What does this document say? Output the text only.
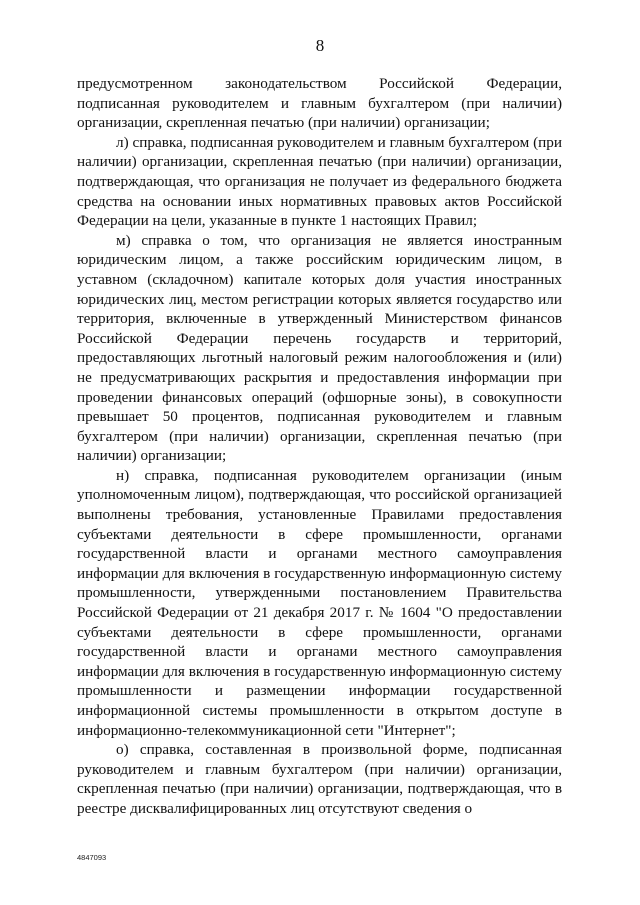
8

предусмотренном законодательством Российской Федерации, подписанная руководителем и главным бухгалтером (при наличии) организации, скрепленная печатью (при наличии) организации;

л) справка, подписанная руководителем и главным бухгалтером (при наличии) организации, скрепленная печатью (при наличии) организации, подтверждающая, что организация не получает из федерального бюджета средства на основании иных нормативных правовых актов Российской Федерации на цели, указанные в пункте 1 настоящих Правил;

м) справка о том, что организация не является иностранным юридическим лицом, а также российским юридическим лицом, в уставном (складочном) капитале которых доля участия иностранных юридических лиц, местом регистрации которых является государство или территория, включенные в утвержденный Министерством финансов Российской Федерации перечень государств и территорий, предоставляющих льготный налоговый режим налогообложения и (или) не предусматривающих раскрытия и предоставления информации при проведении финансовых операций (офшорные зоны), в совокупности превышает 50 процентов, подписанная руководителем и главным бухгалтером (при наличии) организации, скрепленная печатью (при наличии) организации;

н) справка, подписанная руководителем организации (иным уполномоченным лицом), подтверждающая, что российской организацией выполнены требования, установленные Правилами предоставления субъектами деятельности в сфере промышленности, органами государственной власти и органами местного самоуправления информации для включения в государственную информационную систему промышленности, утвержденными постановлением Правительства Российской Федерации от 21 декабря 2017 г. № 1604 "О предоставлении субъектами деятельности в сфере промышленности, органами государственной власти и органами местного самоуправления информации для включения в государственную информационную систему промышленности и размещении информации государственной информационной системы промышленности в открытом доступе в информационно-телекоммуникационной сети "Интернет";

о) справка, составленная в произвольной форме, подписанная руководителем и главным бухгалтером (при наличии) организации, скрепленная печатью (при наличии) организации, подтверждающая, что в реестре дисквалифицированных лиц отсутствуют сведения о

4847093
